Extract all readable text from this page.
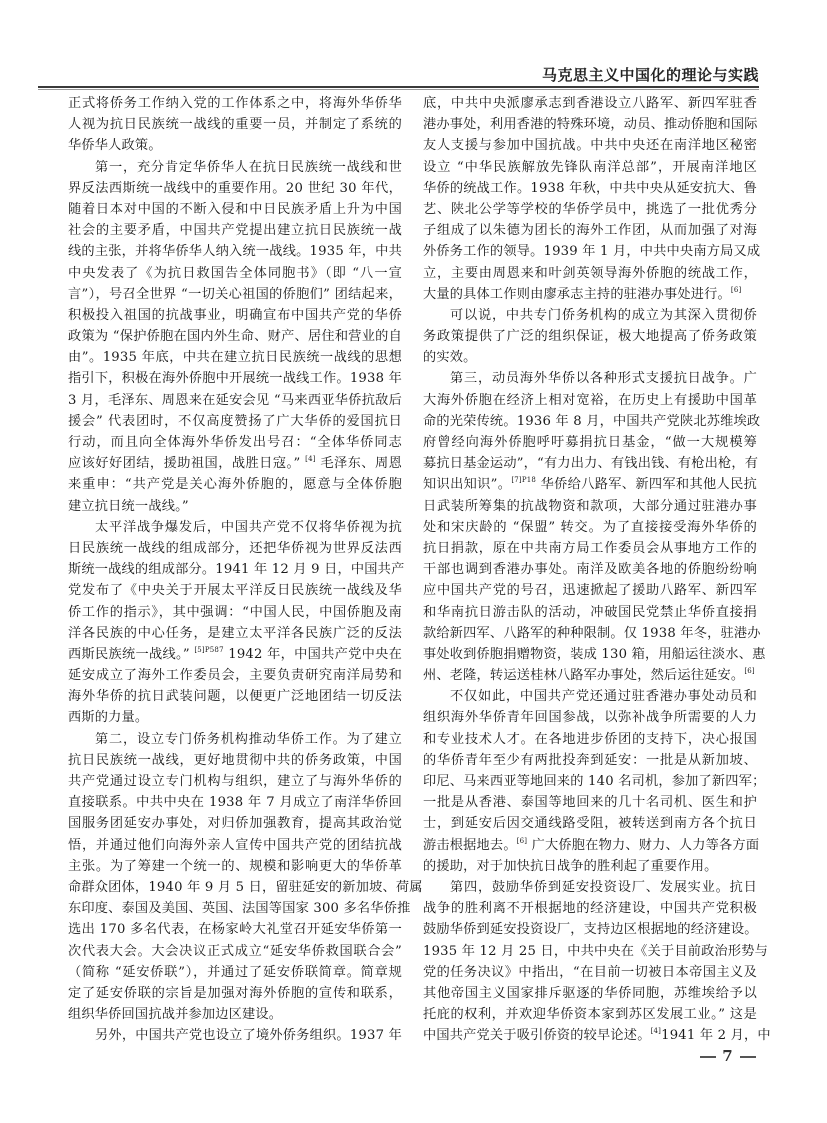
马克思主义中国化的理论与实践
正式将侨务工作纳入党的工作体系之中，将海外华侨华
人视为抗日民族统一战线的重要一员，并制定了系统的
华侨华人政策。
第一，充分肯定华侨华人在抗日民族统一战线和世
界反法西斯统一战线中的重要作用。20 世纪 30 年代，
随着日本对中国的不断入侵和中日民族矛盾上升为中国
社会的主要矛盾，中国共产党提出建立抗日民族统一战
线的主张，并将华侨华人纳入统一战线。1935 年，中共
中央发表了《为抗日救国告全体同胞书》（即 “八一宣
言”），号召全世界 “一切关心祖国的侨胞们” 团结起来，
积极投入祖国的抗战事业，明确宣布中国共产党的华侨
政策为 “保护侨胞在国内外生命、财产、居住和营业的自
由”。1935 年底，中共在建立抗日民族统一战线的思想
指引下，积极在海外侨胞中开展统一战线工作。1938 年
3 月，毛泽东、周恩来在延安会见 “马来西亚华侨抗敌后
援会” 代表团时，不仅高度赞扬了广大华侨的爱国抗日
行动，而且向全体海外华侨发出号召：“全体华侨同志
应该好好团结，援助祖国，战胜日寇。” [4] 毛泽东、周恩
来重申：“共产党是关心海外侨胞的，愿意与全体侨胞
建立抗日统一战线。”
太平洋战争爆发后，中国共产党不仅将华侨视为抗
日民族统一战线的组成部分，还把华侨视为世界反法西
斯统一战线的组成部分。1941 年 12 月 9 日，中国共产
党发布了《中央关于开展太平洋反日民族统一战线及华
侨工作的指示》，其中强调：“中国人民，中国侨胞及南
洋各民族的中心任务，是建立太平洋各民族广泛的反法
西斯民族统一战线。” $^{[5]P587}$ 1942 年，中国共产党中央在
延安成立了海外工作委员会，主要负责研究南洋局势和
海外华侨的抗日武装问题，以便更广泛地团结一切反法
西斯的力量。
第二，设立专门侨务机构推动华侨工作。为了建立
抗日民族统一战线，更好地贯彻中共的侨务政策，中国
共产党通过设立专门机构与组织，建立了与海外华侨的
直接联系。中共中央在 1938 年 7 月成立了南洋华侨回
国服务团延安办事处，对归侨加强教育，提高其政治觉
悟，并通过他们向海外亲人宣传中国共产党的团结抗战
主张。为了筹建一个统一的、规模和影响更大的华侨革
命群众团体，1940 年 9 月 5 日，留驻延安的新加坡、荷属
东印度、泰国及美国、英国、法国等国家 300 多名华侨推
选出 170 多名代表，在杨家岭大礼堂召开延安华侨第一
次代表大会。大会决议正式成立“延安华侨救国联合会”
（简称 “延安侨联”），并通过了延安侨联简章。简章规
定了延安侨联的宗旨是加强对海外侨胞的宣传和联系，
组织华侨回国抗战并参加边区建设。
另外，中国共产党也设立了境外侨务组织。1937 年
底，中共中央派廖承志到香港设立八路军、新四军驻香
港办事处，利用香港的特殊环境，动员、推动侨胞和国际
友人支援与参加中国抗战。中共中央还在南洋地区秘密
设立 “中华民族解放先锋队南洋总部”，开展南洋地区
华侨的统战工作。1938 年秋，中共中央从延安抗大、鲁
艺、陕北公学等学校的华侨学员中，挑选了一批优秀分
子组成了以朱德为团长的海外工作团，从而加强了对海
外侨务工作的领导。1939 年 1 月，中共中央南方局又成
立，主要由周恩来和叶剑英领导海外侨胞的统战工作，
大量的具体工作则由廖承志主持的驻港办事处进行。[6]
可以说，中共专门侨务机构的成立为其深入贯彻侨
务政策提供了广泛的组织保证，极大地提高了侨务政策
的实效。
第三，动员海外华侨以各种形式支援抗日战争。广
大海外侨胞在经济上相对宽裕，在历史上有援助中国革
命的光荣传统。1936 年 8 月，中国共产党陕北苏维埃政
府曾经向海外侨胞呼吁募捐抗日基金，“做一大规模筹
募抗日基金运动”，“有力出力、有钱出钱、有枪出枪，有
知识出知识”。$^{[7]P18}$ 华侨给八路军、新四军和其他人民抗
日武装所筹集的抗战物资和款项，大部分通过驻港办事
处和宋庆龄的 “保盟” 转交。为了直接接受海外华侨的
抗日捐款，原在中共南方局工作委员会从事地方工作的
干部也调到香港办事处。南洋及欧美各地的侨胞纷纷响
应中国共产党的号召，迅速掀起了援助八路军、新四军
和华南抗日游击队的活动，冲破国民党禁止华侨直接捐
款给新四军、八路军的种种限制。仅 1938 年冬，驻港办
事处收到侨胞捐赠物资，装成 130 箱，用船运往淡水、惠
州、老隆，转运送桂林八路军办事处，然后运往延安。[6]
不仅如此，中国共产党还通过驻香港办事处动员和
组织海外华侨青年回国参战，以弥补战争所需要的人力
和专业技术人才。在各地进步侨团的支持下，决心报国
的华侨青年至少有两批投奔到延安：一批是从新加坡、
印尼、马来西亚等地回来的 140 名司机，参加了新四军；
一批是从香港、泰国等地回来的几十名司机、医生和护
士，到延安后因交通线路受阻，被转送到南方各个抗日
游击根据地去。[6] 广大侨胞在物力、财力、人力等各方面
的援助，对于加快抗日战争的胜利起了重要作用。
第四，鼓励华侨到延安投资设厂、发展实业。抗日
战争的胜利离不开根据地的经济建设，中国共产党积极
鼓励华侨到延安投资设厂，支持边区根据地的经济建设。
1935 年 12 月 25 日，中共中央在《关于目前政治形势与
党的任务决议》中指出，“在目前一切被日本帝国主义及
其他帝国主义国家排斥驱逐的华侨同胞，苏维埃给予以
托庇的权利，并欢迎华侨资本家到苏区发展工业。” 这是
中国共产党关于吸引侨资的较早论述。[4]1941 年 2 月，中
7
